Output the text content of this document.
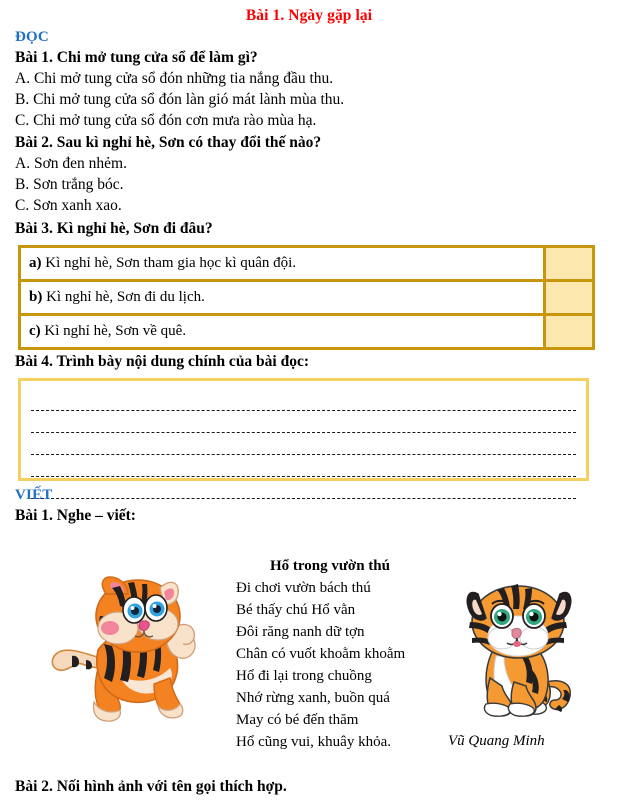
Bài 1. Ngày gặp lại
ĐỌC
Bài 1. Chi mở tung cửa sổ để làm gì?
A. Chi mở tung cửa sổ đón những tia nắng đầu thu.
B. Chi mở tung cửa sổ đón làn gió mát lành mùa thu.
C. Chi mở tung cửa sổ đón cơn mưa rào mùa hạ.
Bài 2. Sau kì nghỉ hè, Sơn có thay đổi thế nào?
A. Sơn đen nhẻm.
B. Sơn trắng bóc.
C. Sơn xanh xao.
Bài 3. Kì nghỉ hè, Sơn đi đâu?
a) Kì nghỉ hè, Sơn tham gia học kì quân đội.	
b) Kì nghỉ hè, Sơn đi du lịch.	
c) Kì nghỉ hè, Sơn về quê.	
Bài 4. Trình bày nội dung chính của bài đọc:
VIẾT
Bài 1. Nghe – viết:
Hổ trong vườn thú
Đi chơi vườn bách thú
Bé thấy chú Hổ vằn
Đôi răng nanh dữ tợn
Chân có vuốt khoằm khoằm
Hổ đi lại trong chuồng
Nhớ rừng xanh, buồn quá
May có bé đến thăm
Hổ cũng vui, khuây khỏa.	Vũ Quang Minh
Bài 2. Nối hình ảnh với tên gọi thích hợp.
